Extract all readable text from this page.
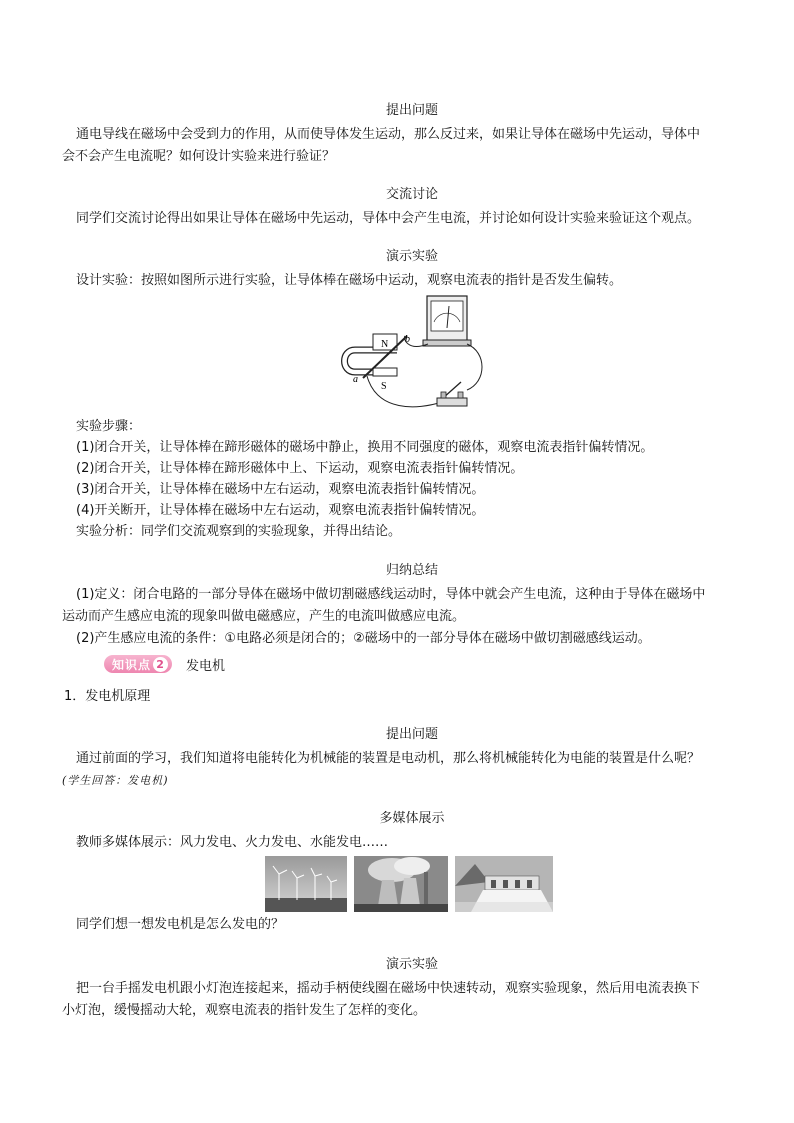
提出问题
通电导线在磁场中会受到力的作用，从而使导体发生运动，那么反过来，如果让导体在磁场中先运动，导体中
会不会产生电流呢？如何设计实验来进行验证？
交流讨论
同学们交流讨论得出如果让导体在磁场中先运动，导体中会产生电流，并讨论如何设计实验来验证这个观点。
演示实验
设计实验：按照如图所示进行实验，让导体棒在磁场中运动，观察电流表的指针是否发生偏转。
实验步骤：
(1)闭合开关，让导体棒在蹄形磁体的磁场中静止，换用不同强度的磁体，观察电流表指针偏转情况。
(2)闭合开关，让导体棒在蹄形磁体中上、下运动，观察电流表指针偏转情况。
(3)闭合开关，让导体棒在磁场中左右运动，观察电流表指针偏转情况。
(4)开关断开，让导体棒在磁场中左右运动，观察电流表指针偏转情况。
实验分析：同学们交流观察到的实验现象，并得出结论。
归纳总结
(1)定义：闭合电路的一部分导体在磁场中做切割磁感线运动时，导体中就会产生电流，这种由于导体在磁场中
运动而产生感应电流的现象叫做电磁感应，产生的电流叫做感应电流。
(2)产生感应电流的条件：①电路必须是闭合的；②磁场中的一部分导体在磁场中做切割磁感线运动。
1．发电机原理
提出问题
通过前面的学习，我们知道将电能转化为机械能的装置是电动机，那么将机械能转化为电能的装置是什么呢？
(学生回答：发电机)
多媒体展示
教师多媒体展示：风力发电、火力发电、水能发电……
同学们想一想发电机是怎么发电的？
演示实验
把一台手摇发电机跟小灯泡连接起来，摇动手柄使线圈在磁场中快速转动，观察实验现象，然后用电流表换下
小灯泡，缓慢摇动大轮，观察电流表的指针发生了怎样的变化。
知识点 2 发电机
N
S
a
b
